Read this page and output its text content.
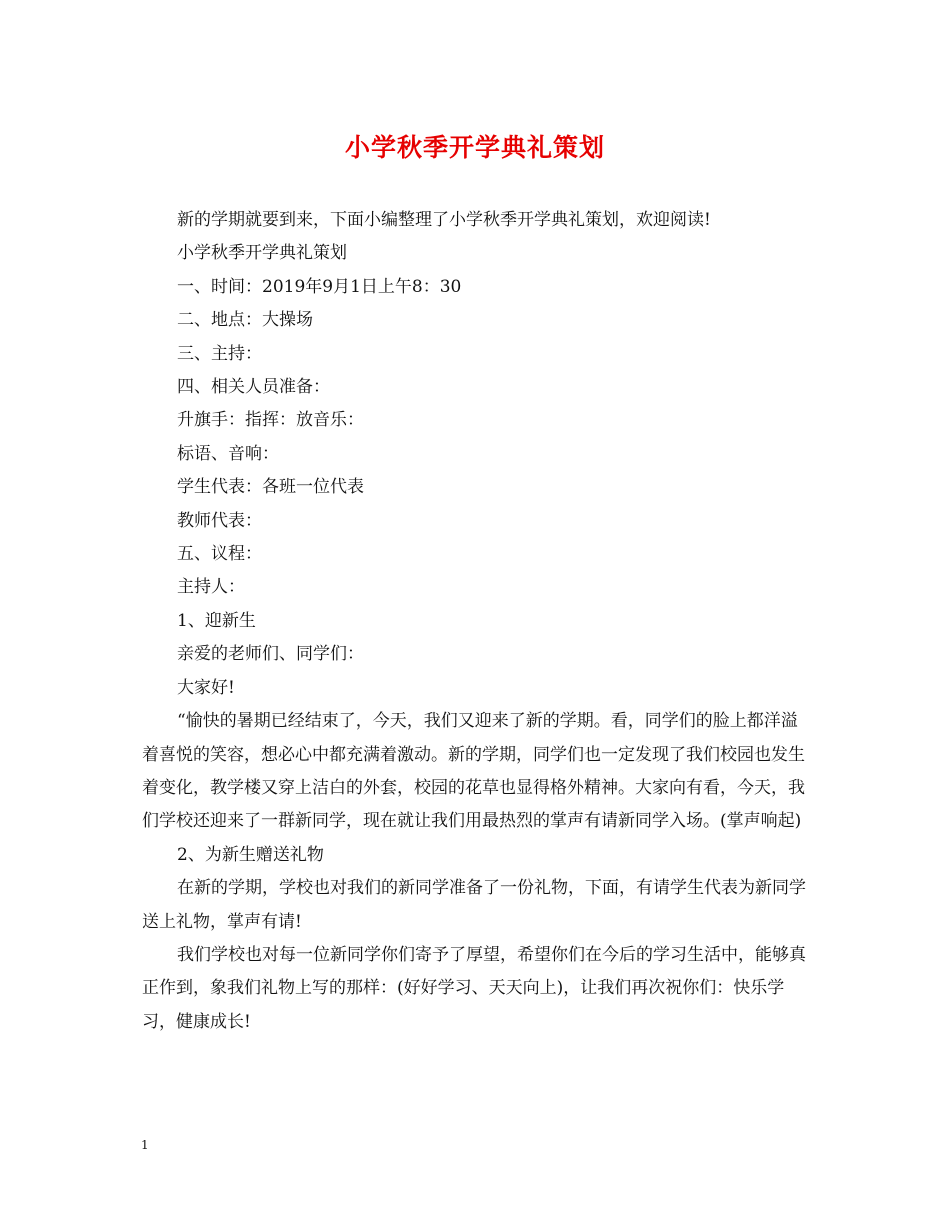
小学秋季开学典礼策划

新的学期就要到来，下面小编整理了小学秋季开学典礼策划，欢迎阅读!

小学秋季开学典礼策划

一、时间：2019年9月1日上午8：30

二、地点：大操场

三、主持：

四、相关人员准备：

升旗手：指挥：放音乐：

标语、音响：

学生代表：各班一位代表

教师代表：

五、议程：

主持人：

1、迎新生

亲爱的老师们、同学们：

大家好!

“愉快的暑期已经结束了，今天，我们又迎来了新的学期。看，同学们的脸上都洋溢着喜悦的笑容，想必心中都充满着激动。新的学期，同学们也一定发现了我们校园也发生着变化，教学楼又穿上洁白的外套，校园的花草也显得格外精神。大家向有看，今天，我们学校还迎来了一群新同学，现在就让我们用最热烈的掌声有请新同学入场。(掌声响起)

2、为新生赠送礼物

在新的学期，学校也对我们的新同学准备了一份礼物，下面，有请学生代表为新同学送上礼物，掌声有请!

我们学校也对每一位新同学你们寄予了厚望，希望你们在今后的学习生活中，能够真正作到，象我们礼物上写的那样：(好好学习、天天向上)，让我们再次祝你们：快乐学习，健康成长!

1
